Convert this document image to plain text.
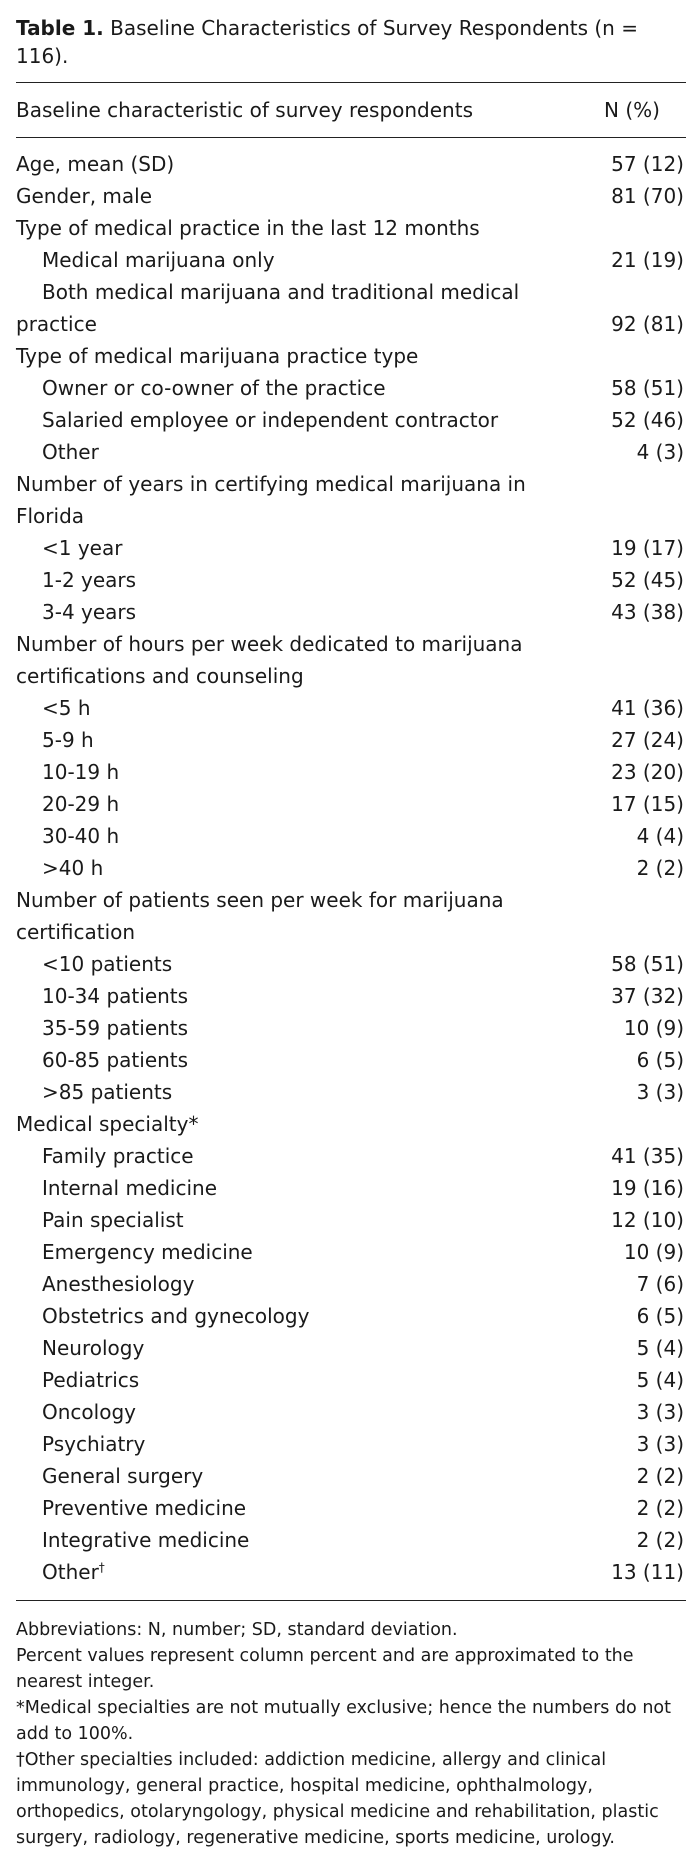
Table 1. Baseline Characteristics of Survey Respondents (n = 116).
Baseline characteristic of survey respondents	N (%)
Age, mean (SD)	57 (12)
Gender, male	81 (70)
Type of medical practice in the last 12 months	
Medical marijuana only	21 (19)
Both medical marijuana and traditional medical practice	92 (81)
Type of medical marijuana practice type	
Owner or co-owner of the practice	58 (51)
Salaried employee or independent contractor	52 (46)
Other	4 (3)
Number of years in certifying medical marijuana in Florida	
<1 year	19 (17)
1-2 years	52 (45)
3-4 years	43 (38)
Number of hours per week dedicated to marijuana certifications and counseling	
<5 h	41 (36)
5-9 h	27 (24)
10-19 h	23 (20)
20-29 h	17 (15)
30-40 h	4 (4)
>40 h	2 (2)
Number of patients seen per week for marijuana certification	
<10 patients	58 (51)
10-34 patients	37 (32)
35-59 patients	10 (9)
60-85 patients	6 (5)
>85 patients	3 (3)
Medical specialty*	
Family practice	41 (35)
Internal medicine	19 (16)
Pain specialist	12 (10)
Emergency medicine	10 (9)
Anesthesiology	7 (6)
Obstetrics and gynecology	6 (5)
Neurology	5 (4)
Pediatrics	5 (4)
Oncology	3 (3)
Psychiatry	3 (3)
General surgery	2 (2)
Preventive medicine	2 (2)
Integrative medicine	2 (2)
Other†	13 (11)

Abbreviations: N, number; SD, standard deviation.

Percent values represent column percent and are approximated to the nearest integer.

*Medical specialties are not mutually exclusive; hence the numbers do not add to 100%.

†Other specialties included: addiction medicine, allergy and clinical immunology, general practice, hospital medicine, ophthalmology, orthopedics, otolaryngology, physical medicine and rehabilitation, plastic surgery, radiology, regenerative medicine, sports medicine, urology.
